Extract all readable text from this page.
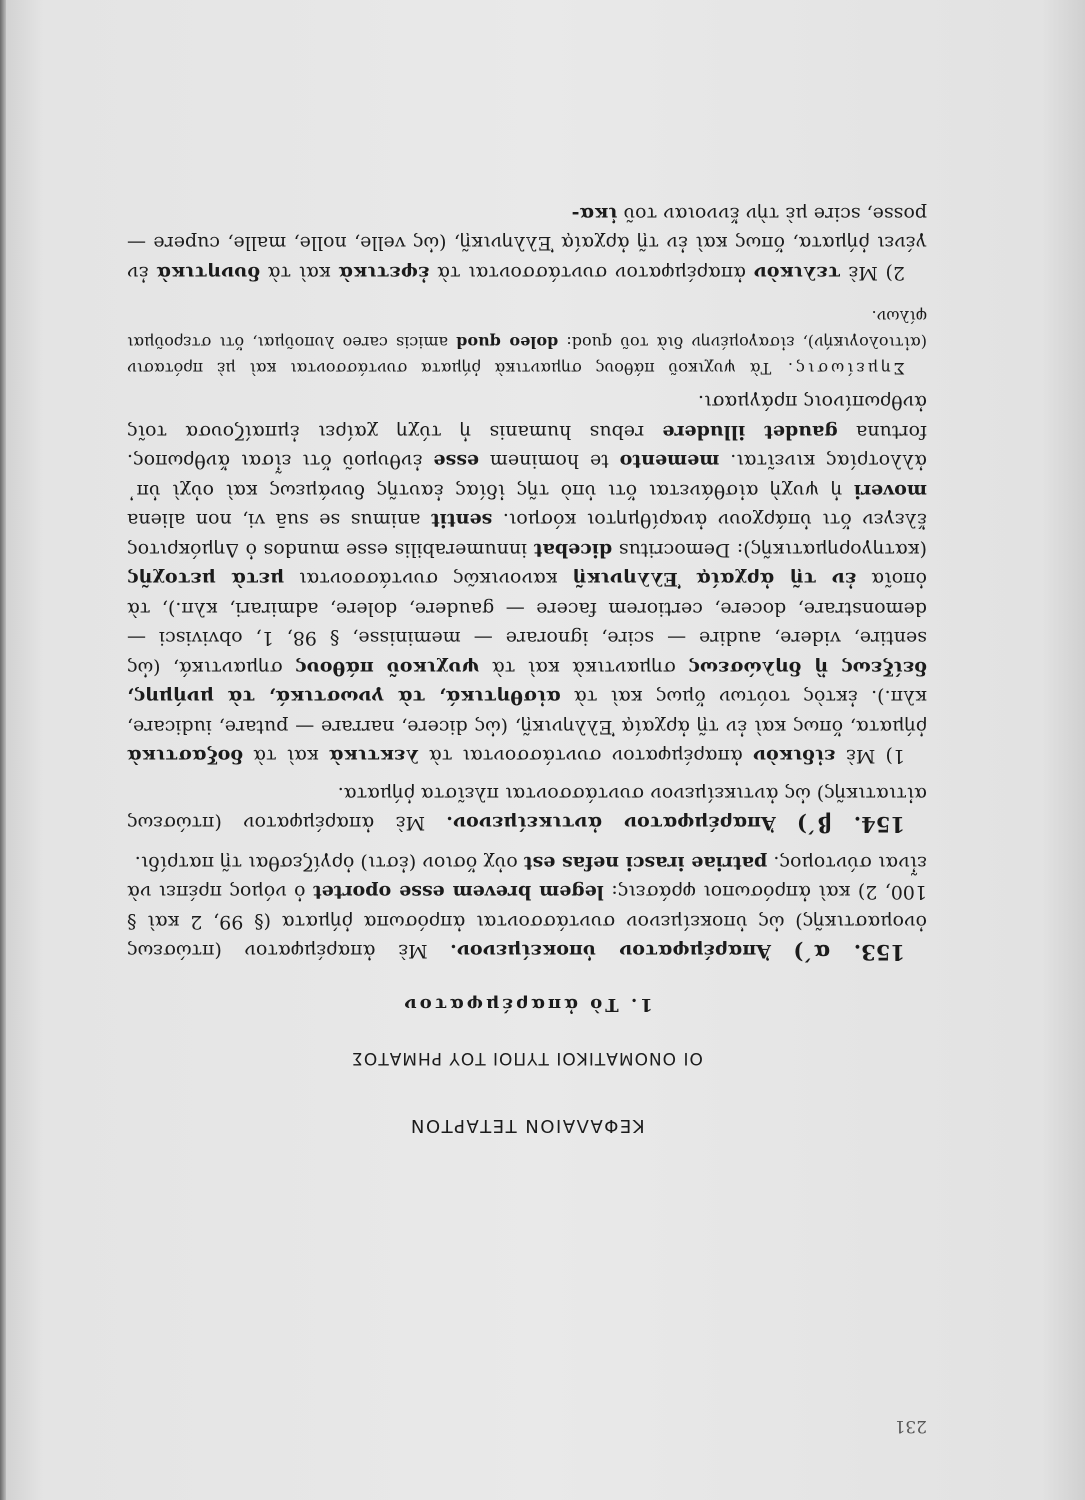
231
ΚΕΦΑΛΑΙΟΝ ΤΕΤΑΡΤΟΝ
ΟΙ ΟΝΟΜΑΤΙΚΟΙ ΤΥΠΟΙ ΤΟΥ ΡΗΜΑΤΟΣ
1. Τὸ ἀπαρέμφατον

153. α΄) Ἀπαρέμφατον ὑποκείμενον. Μὲ ἀπαρέμφατον (πτώσεως ὀνομαστικῆς) ὡς ὑποκείμενον συντάσσονται ἀπρόσωπα ῥήματα (§ 99, 2 καὶ § 100, 2) καὶ ἀπρόσωποι φράσεις: legem brevem esse oportet ὁ νόμος πρέπει νὰ εἶναι σύντομος. patriae irasci nefas est οὐχ ὅσιον (ἐστι) ὀργίζεσθαι τῇ πατρίδι.

154. β΄) Ἀπαρέμφατον ἀντικείμενον. Μὲ ἀπαρέμφατον (πτώσεως αἰτιατικῆς) ὡς ἀντικείμενον συντάσσονται πλεῖστα ῥήματα.

1) Μὲ εἰδικὸν ἀπαρέμφατον συντάσσονται τὰ λεκτικὰ καὶ τὰ δοξαστικὰ ῥήματα, ὅπως καὶ ἐν τῇ ἀρχαίᾳ Ἑλληνικῇ, (ὡς dicere, narrare — putare, iudicare, κλπ.). ἐκτὸς τούτων ὅμως καὶ τὰ αἰσθητικά, τὰ γνωστικά, τὰ μνήμης, δείξεως ἢ δηλώσεως σημαντικὰ καὶ τὰ ψυχικοῦ πάθους σημαντικά, (ὡς sentire, videre, audire — scire, ignorare — meminisse, § 98, 1, obvivisci — demonstrare, docere, certiorem facere — gaudere, dolere, admirari, κλπ.), τὰ ὁποῖα ἐν τῇ ἀρχαίᾳ Ἑλληνικῇ κανονικῶς συντάσσονται μετὰ μετοχῆς (κατηγορηματικῆς): Democritus dicebat innumerabilis esse mundos ὁ Δημόκριτος ἔλεγεν ὅτι ὑπάρχουν ἀναρίθμητοι κόσμοι. sentit animus se suā vi, non aliena moveri ἡ ψυχὴ αἰσθάνεται ὅτι ὑπὸ τῆς ἰδίας ἑαυτῆς δυνάμεως καὶ οὐχὶ ὑπ᾽ ἀλλοτρίας κινεῖται. memento te hominem esse ἐνθυμοῦ ὅτι εἶσαι ἄνθρωπος. fortuna gaudet illudere rebus humanis ἡ τύχη χαίρει ἐμπαίζουσα τοῖς ἀνθρωπίνοις πράγμασι.

Σημείωσις. Τὰ ψυχικοῦ πάθους σημαντικὰ ῥήματα συντάσσονται καὶ μὲ πρότασιν (αἰτιολογικήν), εἰσαγομένην διὰ τοῦ quod: doleo quod amicis careo λυποῦμαι, ὅτι στεροῦμαι φίλων.

2) Μὲ τελικὸν ἀπαρέμφατον συντάσσονται τὰ ἐφετικὰ καὶ τὰ δυνητικὰ ἐν γένει ῥήματα, ὅπως καὶ ἐν τῇ ἀρχαίᾳ Ἑλληνικῇ, (ὡς velle, nolle, malle, cupere — posse, scire μὲ τὴν ἔννοιαν τοῦ ἱκα-
